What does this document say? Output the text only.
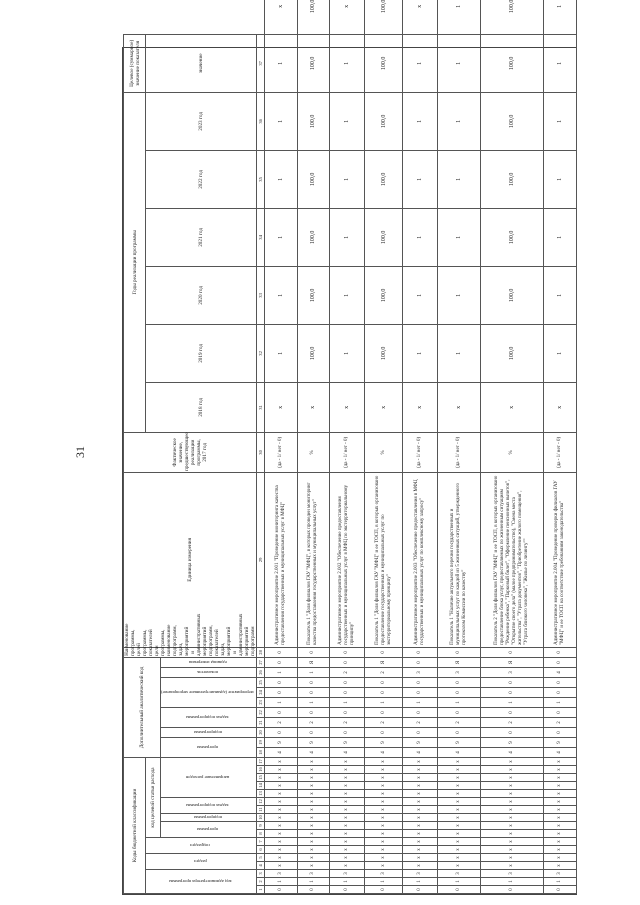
31
Коды бюджетной классификации																	Дополнительный аналитический код										Наименование программы, целей программы, показателей цели программы, наименование подпрограмм, задач, мероприятий и административных мероприятий подпрограмм, показателей задач, мероприятий и административных мероприятий подпрограмм	Единица измерения	Фактическое значение, предшествующее реализации программы, 2017 год	Годы реализации программы						Целевое (суммарное) значение показателя	
код администратора программы			раздел		подраздел		код целевой статьи расхода																							2018 год	2019 год	2020 год	2021 год	2022 год	2023 год	значение	
							программа		подпрограмма	задача подпрограммы		направление расходов					программа		подпрограмма	задача подпрограммы		мероприятие (административное мероприятие)			показатель	единица измерения											
1	2	3	4	5	6	7	8	9	10	11	12	13	14	15	16	17	18	19	20	21	22	23	24	25	26	27	28	29	30	31	32	33	34	35	36	37	
0	1	3	х	х	х	х	х	х	х	х	х	х	х	х	х	х	4	9	0	2	0	1	0	0	1	0	0	Административное мероприятие 2.001 "Проведение мониторинга качества предоставления государственных и муниципальных услуг в МФЦ"	(да - 1/ нет - 0)	х	1	1	1	1	1	1	х
0	1	3	х	х	х	х	х	х	х	х	х	х	х	х	х	х	4	9	0	2	0	1	0	0	1	Я	0	Показатель 1 "Доля филиалов ГАУ "МФЦ", в которых проведен мониторинг качества предоставления государственных и муниципальных услуг"	%	х	100,0	100,0	100,0	100,0	100,0	100,0	100,0
0	1	3	х	х	х	х	х	х	х	х	х	х	х	х	х	х	4	9	0	2	0	1	0	0	2	0	0	Административное мероприятие 2.002 "Обеспечение предоставления государственных и муниципальных услуг в МФЦ по экстерриториальному принципу"	(да - 1/ нет - 0)	х	1	1	1	1	1	1	х
0	1	3	х	х	х	х	х	х	х	х	х	х	х	х	х	х	4	9	0	2	0	1	0	0	2	Я	0	Показатель 1 "Доля филиалов ГАУ "МФЦ" и ее ТОСП, в которых организовано предоставление государственных и муниципальных услуг по экстерриториальному принципу"	%	х	100,0	100,0	100,0	100,0	100,0	100,0	100,0
0	1	3	х	х	х	х	х	х	х	х	х	х	х	х	х	х	4	9	0	2	0	1	0	0	3	0	0	Административное мероприятие 2.003 "Обеспечение предоставления в МФЦ государственных и муниципальных услуг по комплексному запросу"	(да - 1/ нет - 0)	х	1	1	1	1	1	1	х
0	1	3	х	х	х	х	х	х	х	х	х	х	х	х	х	х	4	9	0	2	0	1	0	0	3	Я	0	Показатель 1 "Наличие актуального перечня государственных и муниципальных услуг по каждой из 5 жизненных ситуаций, утвержденного протоколом Комиссии по качеству"	(да - 1/ нет - 0)	х	1	1	1	1	1	1	1
0	1	3	х	х	х	х	х	х	х	х	х	х	х	х	х	х	4	9	0	2	0	1	0	0	3	Я	0	Показатель 2 "Доля филиалов ГАУ "МФЦ" и ее ТОСП, в которых организовано предоставление блока услуг, предоставляемых по жизненным ситуациям "Рождение ребенка", "Парковый билет", "Оформление пенсионных вычетов", "Открытие своего дела" (малое предпринимательство), "Смена места жительства", "Утрата документов", "Приобретение жилого помещения", "Утрата близкого человека", "Жилье по лизингу""	%	х	100,0	100,0	100,0	100,0	100,0	100,0	100,0
0	1	3	х	х	х	х	х	х	х	х	х	х	х	х	х	х	4	9	0	2	0	1	0	0	4	0	0	Административное мероприятие 2.004 "Проведение проверки филиалов ГАУ "МФЦ" и ее ТОСП на соответствие требованиям законодательства"	(да - 1/ нет - 0)	х	1	1	1	1	1	1	1
